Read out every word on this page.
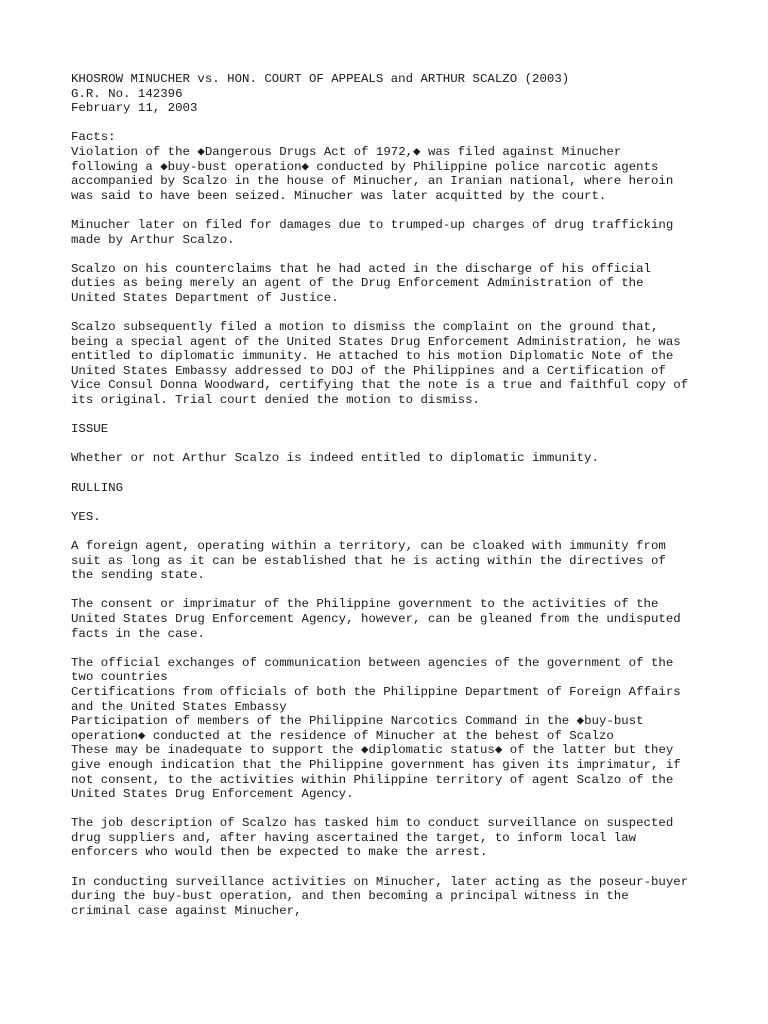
KHOSROW MINUCHER vs. HON. COURT OF APPEALS and ARTHUR SCALZO (2003)
G.R. No. 142396
February 11, 2003
Facts:
Violation of the ◆Dangerous Drugs Act of 1972,◆ was filed against Minucher
following a ◆buy-bust operation◆ conducted by Philippine police narcotic agents
accompanied by Scalzo in the house of Minucher, an Iranian national, where heroin
was said to have been seized. Minucher was later acquitted by the court.
Minucher later on filed for damages due to trumped-up charges of drug trafficking
made by Arthur Scalzo.
Scalzo on his counterclaims that he had acted in the discharge of his official
duties as being merely an agent of the Drug Enforcement Administration of the
United States Department of Justice.
Scalzo subsequently filed a motion to dismiss the complaint on the ground that,
being a special agent of the United States Drug Enforcement Administration, he was
entitled to diplomatic immunity. He attached to his motion Diplomatic Note of the
United States Embassy addressed to DOJ of the Philippines and a Certification of
Vice Consul Donna Woodward, certifying that the note is a true and faithful copy of
its original. Trial court denied the motion to dismiss.
ISSUE
Whether or not Arthur Scalzo is indeed entitled to diplomatic immunity.
RULLING
YES.
A foreign agent, operating within a territory, can be cloaked with immunity from
suit as long as it can be established that he is acting within the directives of
the sending state.
The consent or imprimatur of the Philippine government to the activities of the
United States Drug Enforcement Agency, however, can be gleaned from the undisputed
facts in the case.
The official exchanges of communication between agencies of the government of the
two countries
Certifications from officials of both the Philippine Department of Foreign Affairs
and the United States Embassy
Participation of members of the Philippine Narcotics Command in the ◆buy-bust
operation◆ conducted at the residence of Minucher at the behest of Scalzo
These may be inadequate to support the ◆diplomatic status◆ of the latter but they
give enough indication that the Philippine government has given its imprimatur, if
not consent, to the activities within Philippine territory of agent Scalzo of the
United States Drug Enforcement Agency.
The job description of Scalzo has tasked him to conduct surveillance on suspected
drug suppliers and, after having ascertained the target, to inform local law
enforcers who would then be expected to make the arrest.
In conducting surveillance activities on Minucher, later acting as the poseur-buyer
during the buy-bust operation, and then becoming a principal witness in the
criminal case against Minucher,
